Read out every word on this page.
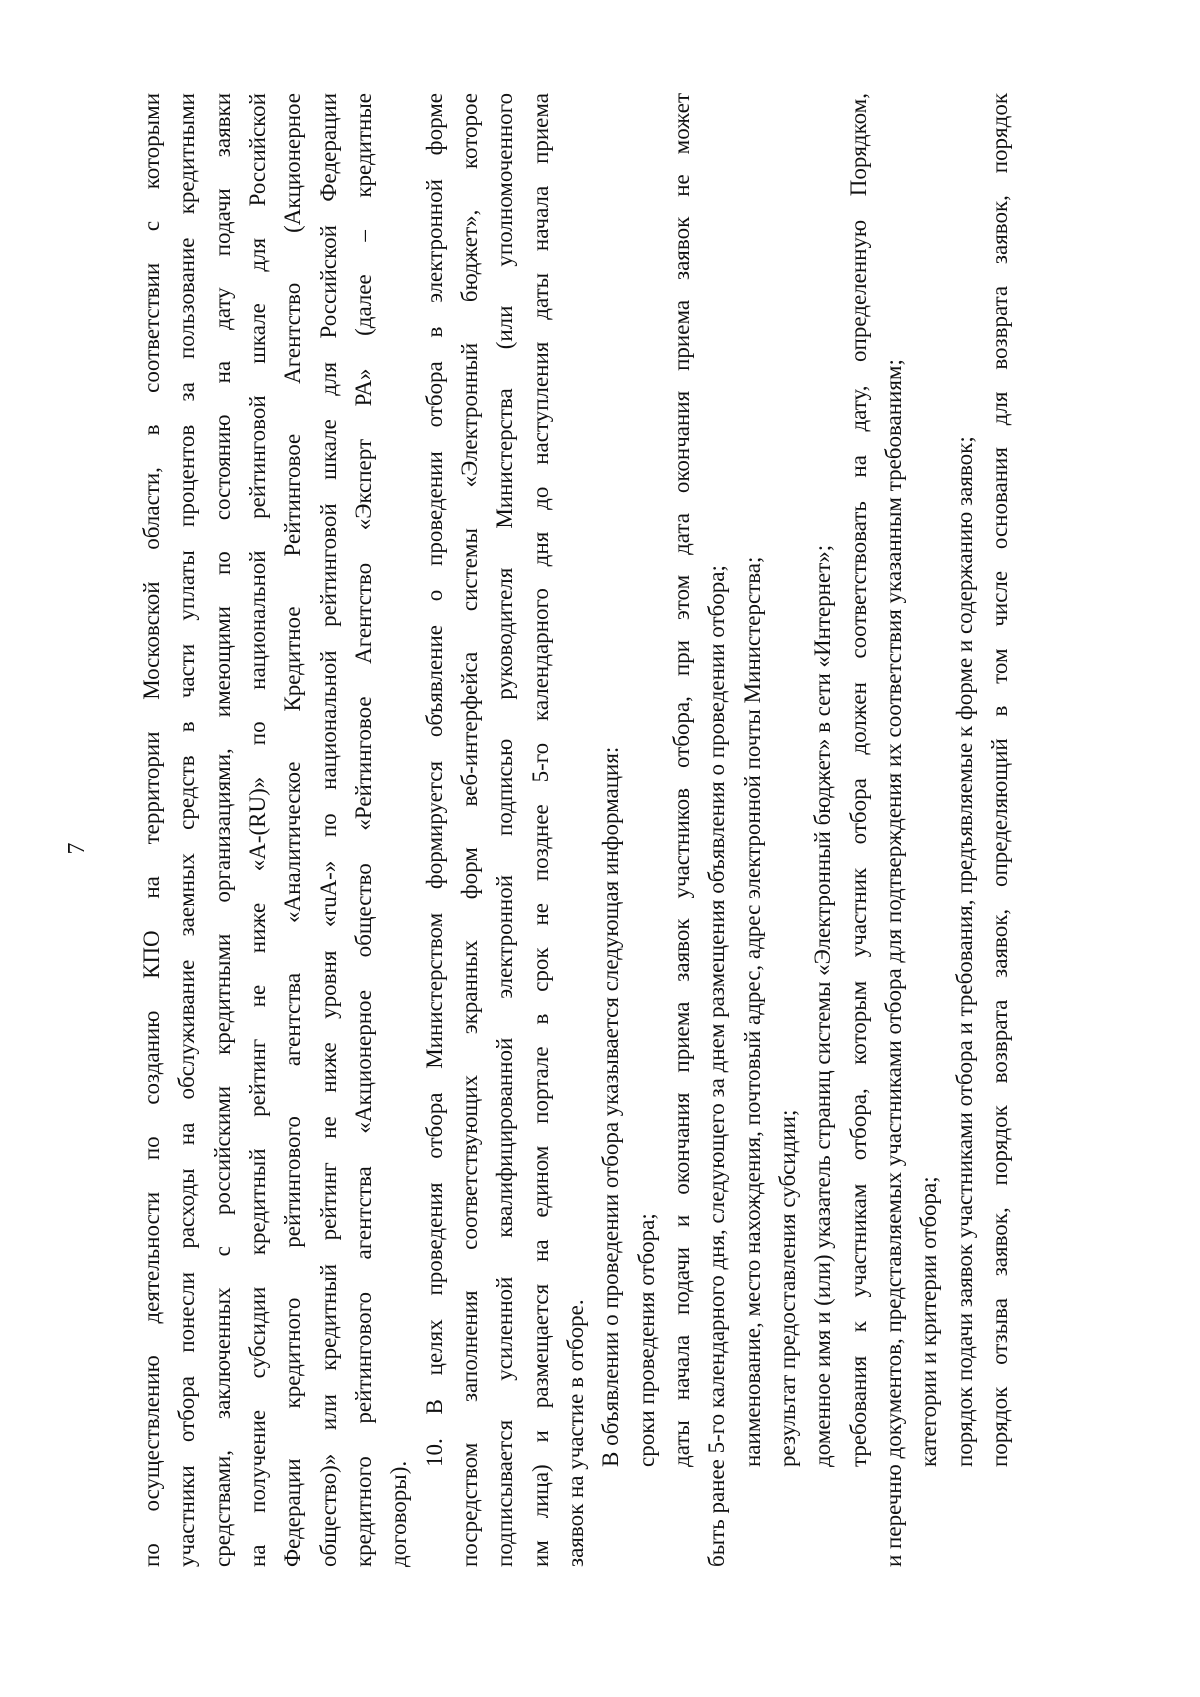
7 по осуществлению деятельности по созданию КПО на территории Московской области, в соответствии с которыми участники отбора понесли расходы на обслуживание заемных средств в части уплаты процентов за пользование кредитными средствами, заключенных с российскими кредитными организациями, имеющими по состоянию на дату подачи заявки на получение субсидии кредитный рейтинг не ниже «A-(RU)» по национальной рейтинговой шкале для Российской Федерации кредитного рейтингового агентства «Аналитическое Кредитное Рейтинговое Агентство (Акционерное общество)» или кредитный рейтинг не ниже уровня «ruA-» по национальной рейтинговой шкале для Российской Федерации кредитного рейтингового агентства «Акционерное общество «Рейтинговое Агентство «Эксперт РА» (далее – кредитные договоры).
10. В целях проведения отбора Министерством формируется объявление о проведении отбора в электронной форме посредством заполнения соответствующих экранных форм веб-интерфейса системы «Электронный бюджет», которое подписывается усиленной квалифицированной электронной подписью руководителя Министерства (или уполномоченного им лица) и размещается на едином портале в срок не позднее 5-го календарного дня до наступления даты начала приема заявок на участие в отборе. В объявлении о проведении отбора указывается следующая информация: сроки проведения отбора; даты начала подачи и окончания приема заявок участников отбора, при этом дата окончания приема заявок не может быть ранее 5-го календарного дня, следующего за днем размещения объявления о проведении отбора; наименование, место нахождения, почтовый адрес, адрес электронной почты Министерства; результат предоставления субсидии; доменное имя и (или) указатель страниц системы «Электронный бюджет» в сети «Интернет»; требования к участникам отбора, которым участник отбора должен соответствовать на дату, определенную Порядком, и перечню документов, представляемых участниками отбора для подтверждения их соответствия указанным требованиям; категории и критерии отбора; порядок подачи заявок участниками отбора и требования, предъявляемые к форме и содержанию заявок; порядок отзыва заявок, порядок возврата заявок, определяющий в том числе основания для возврата заявок, порядок
